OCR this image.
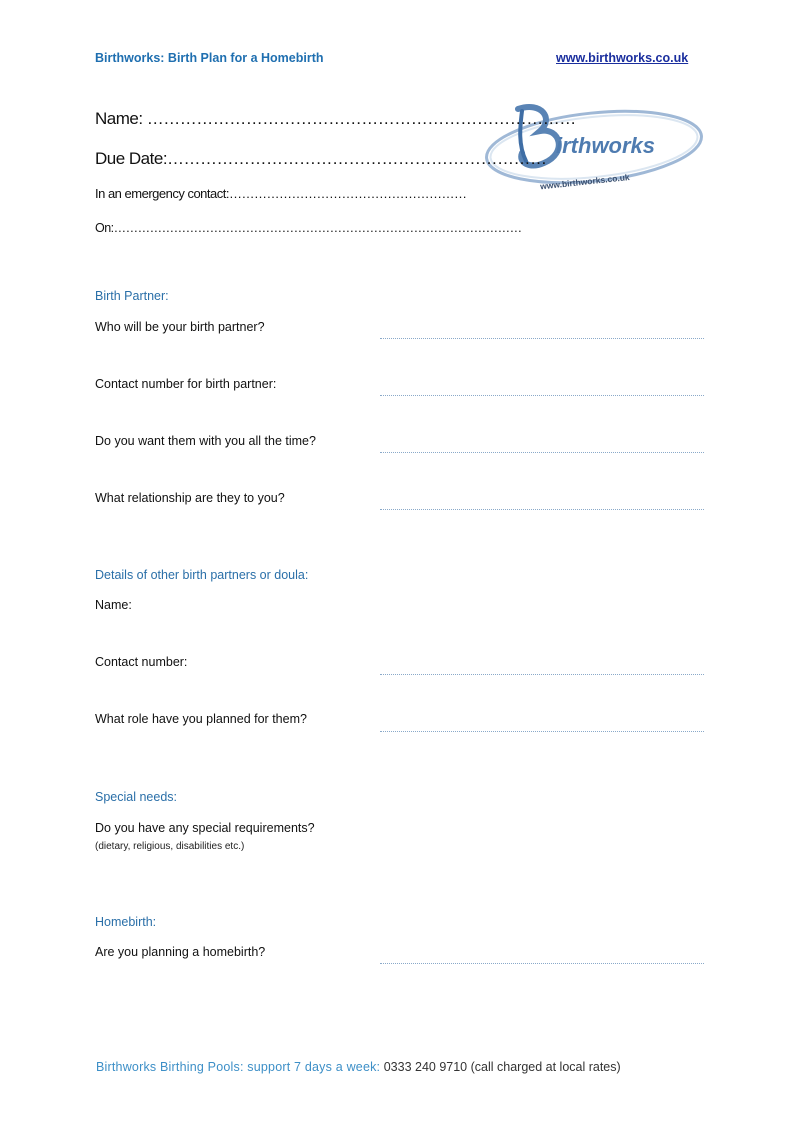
Birthworks: Birth Plan for a Homebirth	www.birthworks.co.uk
irthworks
www.birthworks.co.uk
Name: ……………………………………………………………………
Due Date:……………………………………………………………
In an emergency contact:…………………………………………………
On:…………………………………………………………………………………………
Birth Partner:
Who will be your birth partner?
Contact number for birth partner:
Do you want them with you all the time?
What relationship are they to you?
Details of other birth partners or doula:
Name:
Contact number:
What role have you planned for them?
Special needs:
Do you have any special requirements?
(dietary, religious, disabilities etc.)
Homebirth:
Are you planning a homebirth?
Birthworks Birthing Pools: support 7 days a week: 0333 240 9710 (call charged at local rates)
